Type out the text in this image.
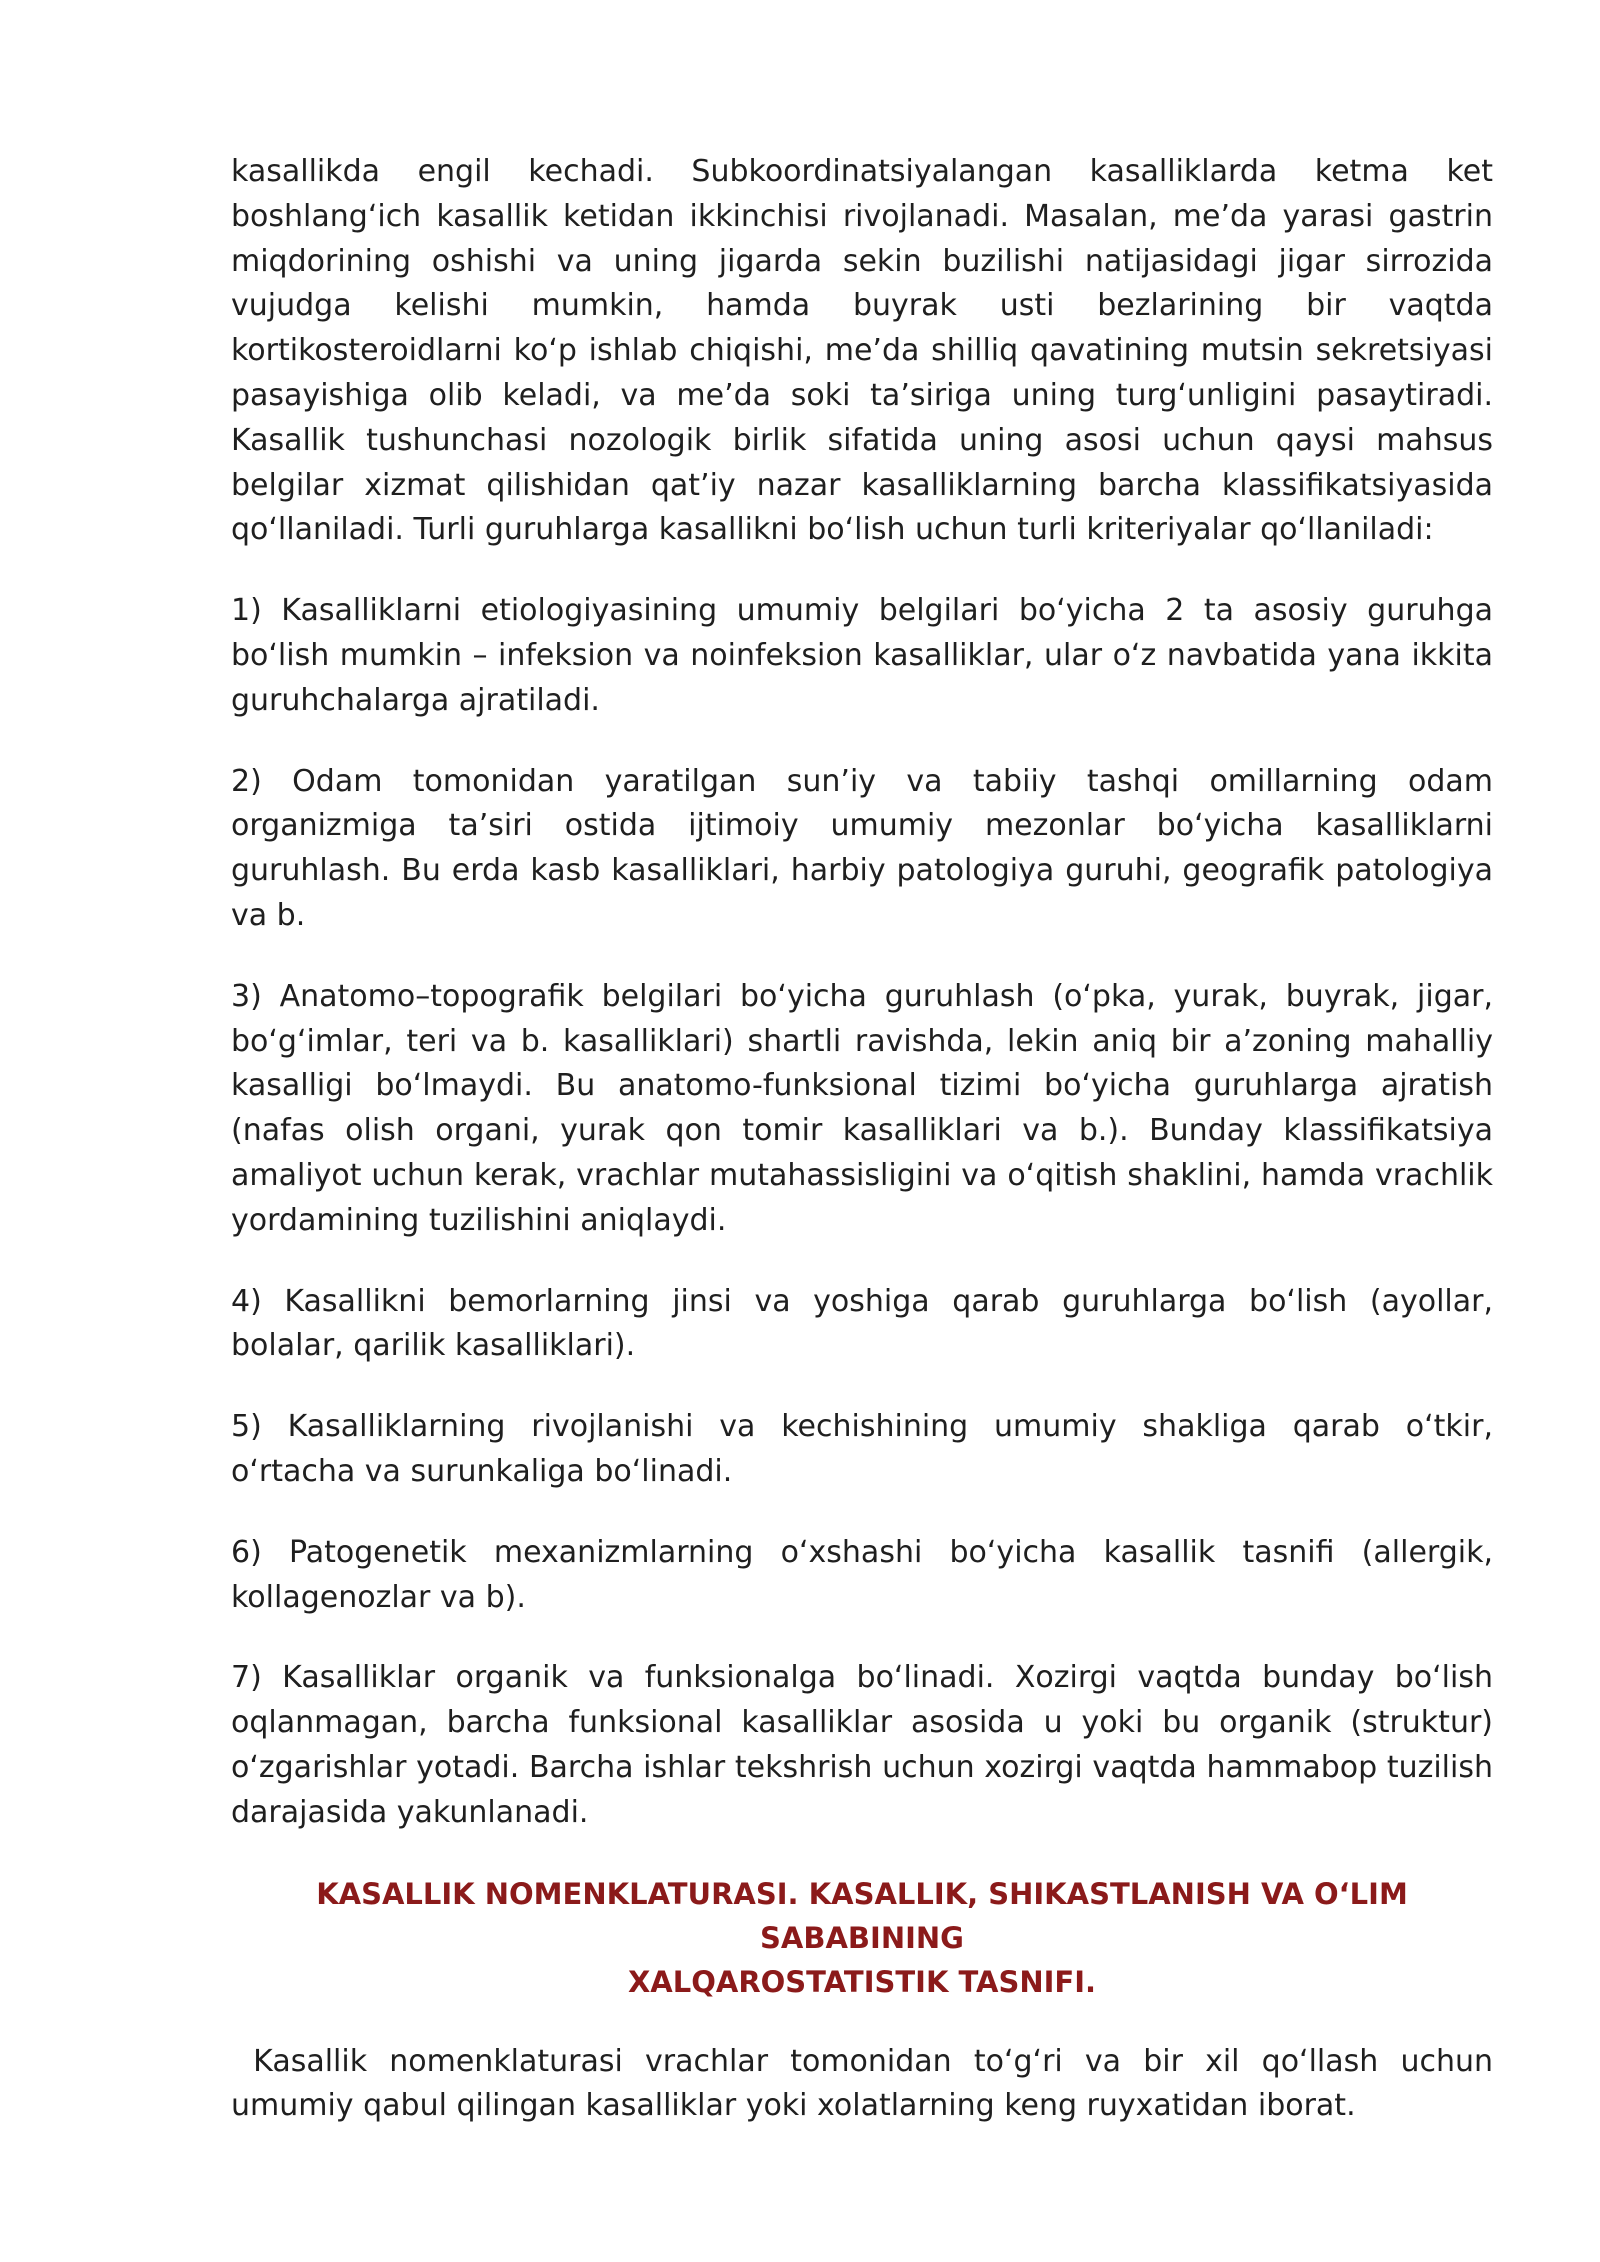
kasallikda engil kechadi. Subkoordinatsiyalangan kasalliklarda ketma ket boshlang‘ich kasallik ketidan ikkinchisi rivojlanadi. Masalan, me’da yarasi gastrin miqdorining oshishi va uning jigarda sekin buzilishi natijasidagi jigar sirrozida vujudga kelishi mumkin, hamda buyrak usti bezlarining bir vaqtda kortikosteroidlarni ko‘p ishlab chiqishi, me’da shilliq qavatining mutsin sekretsiyasi pasayishiga olib keladi, va me’da soki ta’siriga uning turg‘unligini pasaytiradi. Kasallik tushunchasi nozologik birlik sifatida uning asosi uchun qaysi mahsus belgilar xizmat qilishidan qat’iy nazar kasalliklarning barcha klassifikatsiyasida qo‘llaniladi. Turli guruhlarga kasallikni bo‘lish uchun turli kriteriyalar qo‘llaniladi:

1) Kasalliklarni etiologiyasining umumiy belgilari bo‘yicha 2 ta asosiy guruhga bo‘lish mumkin – infeksion va noinfeksion kasalliklar, ular o‘z navbatida yana ikkita guruhchalarga ajratiladi.

2) Odam tomonidan yaratilgan sun’iy va tabiiy tashqi omillarning odam organizmiga ta’siri ostida ijtimoiy umumiy mezonlar bo‘yicha kasalliklarni guruhlash. Bu erda kasb kasalliklari, harbiy patologiya guruhi, geografik patologiya va b.

3) Anatomo–topografik belgilari bo‘yicha guruhlash (o‘pka, yurak, buyrak, jigar, bo‘g‘imlar, teri va b. kasalliklari) shartli ravishda, lekin aniq bir a’zoning mahalliy kasalligi bo‘lmaydi. Bu anatomo-funksional tizimi bo‘yicha guruhlarga ajratish (nafas olish organi, yurak qon tomir kasalliklari va b.). Bunday klassifikatsiya amaliyot uchun kerak, vrachlar mutahassisligini va o‘qitish shaklini, hamda vrachlik yordamining tuzilishini aniqlaydi.

4) Kasallikni bemorlarning jinsi va yoshiga qarab guruhlarga bo‘lish (ayollar, bolalar, qarilik kasalliklari).

5) Kasalliklarning rivojlanishi va kechishining umumiy shakliga qarab o‘tkir, o‘rtacha va surunkaliga bo‘linadi.

6) Patogenetik mexanizmlarning o‘xshashi bo‘yicha kasallik tasnifi (allergik, kollagenozlar va b).

7) Kasalliklar organik va funksionalga bo‘linadi. Xozirgi vaqtda bunday bo‘lish oqlanmagan, barcha funksional kasalliklar asosida u yoki bu organik (struktur) o‘zgarishlar yotadi. Barcha ishlar tekshrish uchun xozirgi vaqtda hammabop tuzilish darajasida yakunlanadi.

KASALLIK NOMENKLATURASI. KASALLIK, SHIKASTLANISH VA O‘LIM SABABINING
XALQAROSTATISTIK TASNIFI.

Kasallik nomenklaturasi vrachlar tomonidan to‘g‘ri va bir xil qo‘llash uchun umumiy qabul qilingan kasalliklar yoki xolatlarning keng ruyxatidan iborat.
